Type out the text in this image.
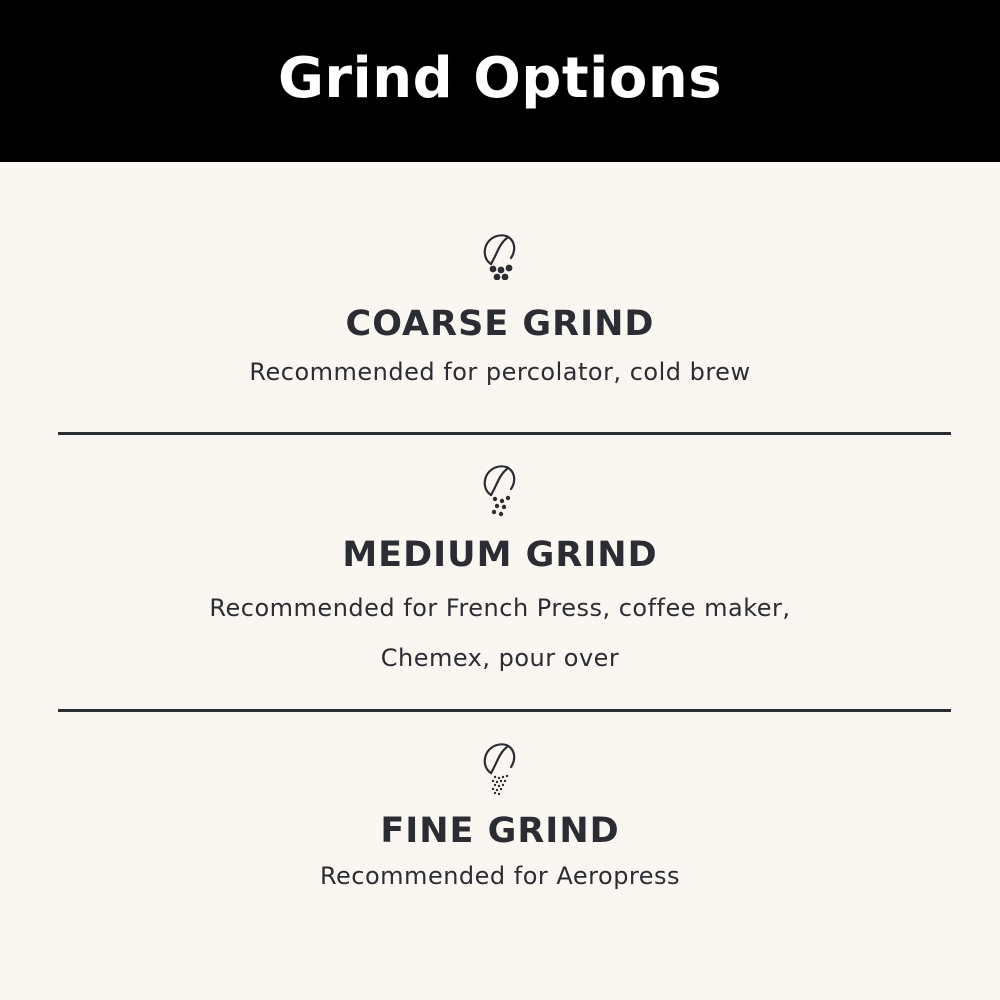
Grind Options
COARSE GRIND

Recommended for percolator, cold brew

MEDIUM GRIND

Recommended for French Press, coffee maker,

Chemex, pour over

FINE GRIND

Recommended for Aeropress
